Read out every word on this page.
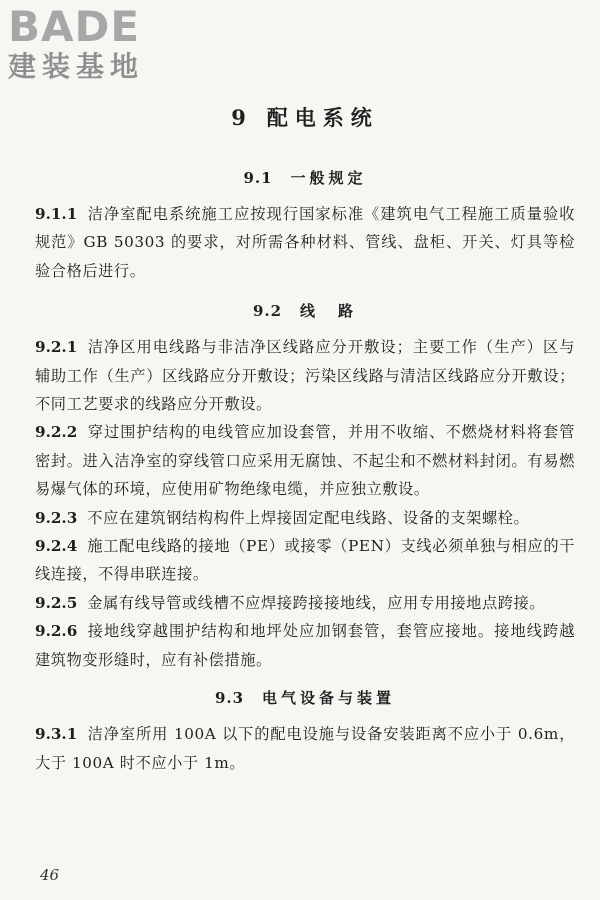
BADE
建装基地
9 配电系统
9.1 一般规定

9.1.1 洁净室配电系统施工应按现行国家标准《建筑电气工程施工质量验收规范》GB 50303 的要求，对所需各种材料、管线、盘柜、开关、灯具等检验合格后进行。

9.2 线　路

9.2.1 洁净区用电线路与非洁净区线路应分开敷设；主要工作（生产）区与辅助工作（生产）区线路应分开敷设；污染区线路与清洁区线路应分开敷设；不同工艺要求的线路应分开敷设。

9.2.2 穿过围护结构的电线管应加设套管，并用不收缩、不燃烧材料将套管密封。进入洁净室的穿线管口应采用无腐蚀、不起尘和不燃材料封闭。有易燃易爆气体的环境，应使用矿物绝缘电缆，并应独立敷设。

9.2.3 不应在建筑钢结构构件上焊接固定配电线路、设备的支架螺栓。

9.2.4 施工配电线路的接地（PE）或接零（PEN）支线必须单独与相应的干线连接，不得串联连接。

9.2.5 金属有线导管或线槽不应焊接跨接接地线，应用专用接地点跨接。

9.2.6 接地线穿越围护结构和地坪处应加钢套管，套管应接地。接地线跨越建筑物变形缝时，应有补偿措施。

9.3 电气设备与装置

9.3.1 洁净室所用 100A 以下的配电设施与设备安装距离不应小于 0.6m，大于 100A 时不应小于 1m。

46
